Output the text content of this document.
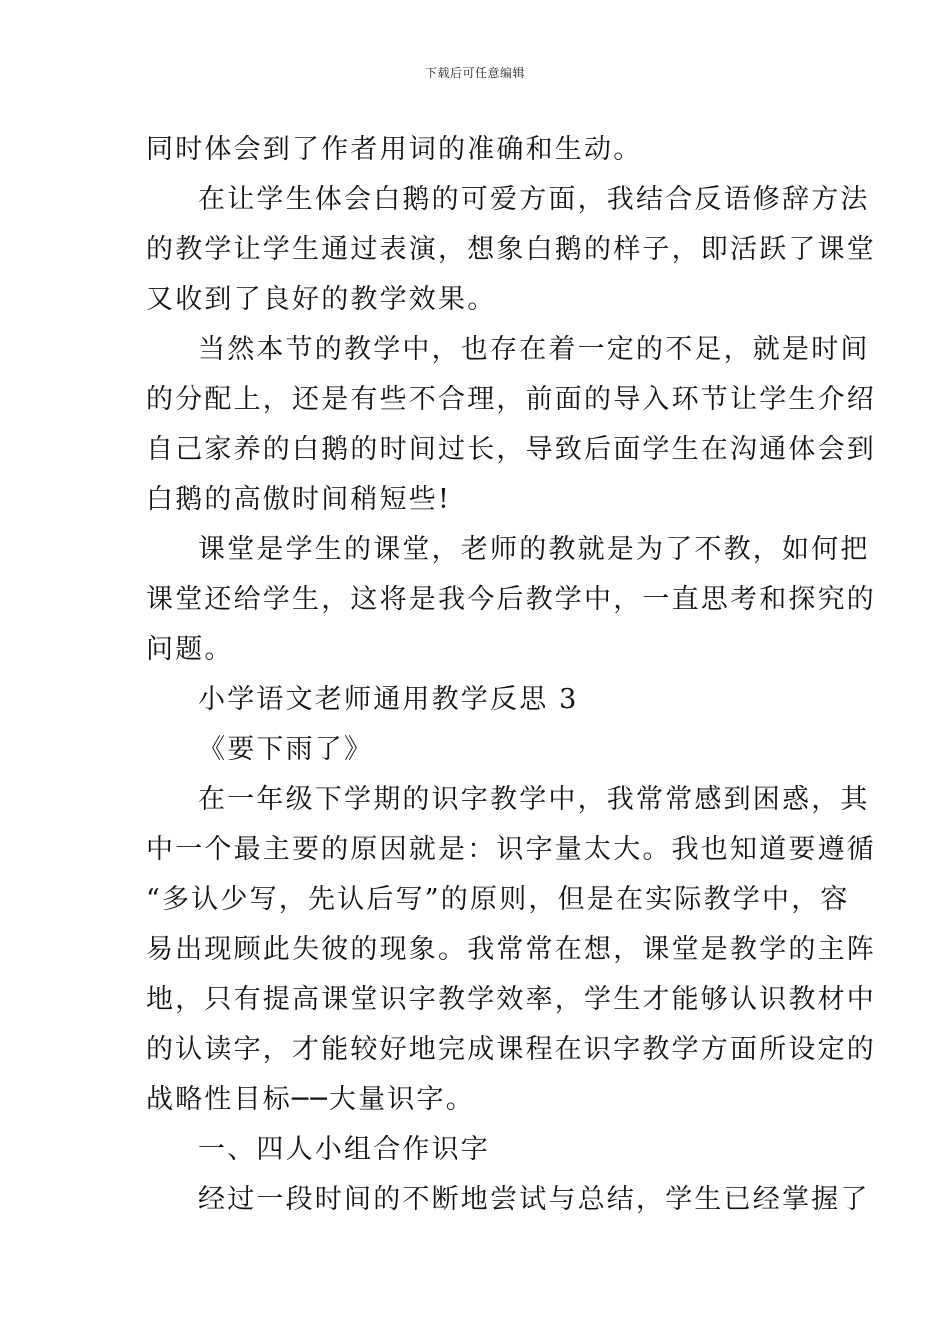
下载后可任意编辑
同时体会到了作者用词的准确和生动。
在让学生体会白鹅的可爱方面，我结合反语修辞方法
的教学让学生通过表演，想象白鹅的样子，即活跃了课堂
又收到了良好的教学效果。
当然本节的教学中，也存在着一定的不足，就是时间
的分配上，还是有些不合理，前面的导入环节让学生介绍
自己家养的白鹅的时间过长，导致后面学生在沟通体会到
白鹅的高傲时间稍短些!
课堂是学生的课堂，老师的教就是为了不教，如何把
课堂还给学生，这将是我今后教学中，一直思考和探究的
问题。
小学语文老师通用教学反思 3
《要下雨了》
在一年级下学期的识字教学中，我常常感到困惑，其
中一个最主要的原因就是：识字量太大。我也知道要遵循
“多认少写，先认后写”的原则，但是在实际教学中，容
易出现顾此失彼的现象。我常常在想，课堂是教学的主阵
地，只有提高课堂识字教学效率，学生才能够认识教材中
的认读字，才能较好地完成课程在识字教学方面所设定的
战略性目标──大量识字。
一、四人小组合作识字
经过一段时间的不断地尝试与总结，学生已经掌握了
